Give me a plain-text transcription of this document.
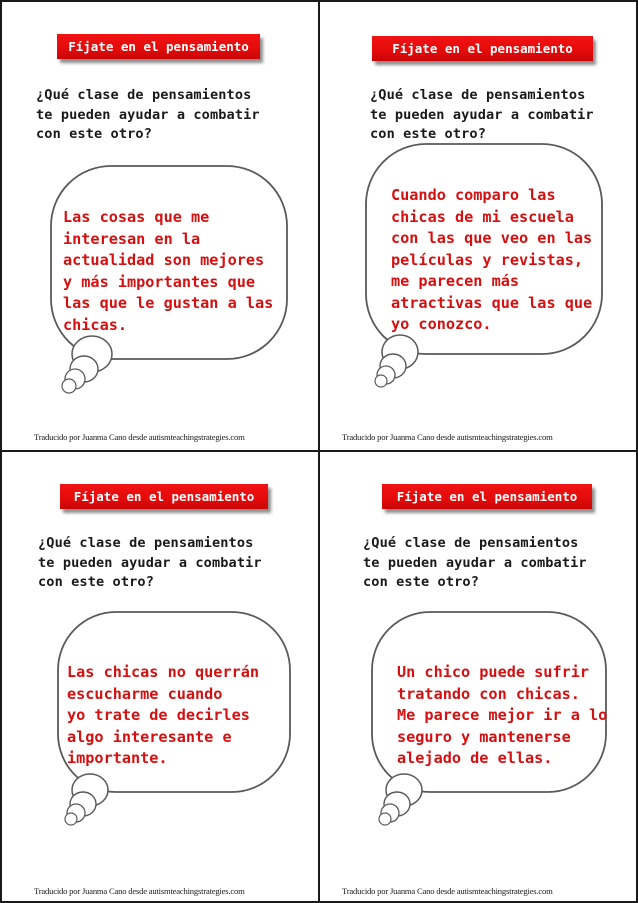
Fíjate en el pensamiento

¿Qué clase de pensamientos
te pueden ayudar a combatir
con este otro?

Las cosas que me
interesan en la
actualidad son mejores
y más importantes que
las que le gustan a las
chicas.

Traducido por Juanma Cano desde autismteachingstrategies.com

Fíjate en el pensamiento

¿Qué clase de pensamientos
te pueden ayudar a combatir
con este otro?

Cuando comparo las
chicas de mi escuela
con las que veo en las
películas y revistas,
me parecen más
atractivas que las que
yo conozco.

Traducido por Juanma Cano desde autismteachingstrategies.com

Fíjate en el pensamiento

¿Qué clase de pensamientos
te pueden ayudar a combatir
con este otro?

Las chicas no querrán
escucharme cuando
yo trate de decirles
algo interesante e
importante.

Traducido por Juanma Cano desde autismteachingstrategies.com

Fíjate en el pensamiento

¿Qué clase de pensamientos
te pueden ayudar a combatir
con este otro?

Un chico puede sufrir
tratando con chicas.
Me parece mejor ir a lo
seguro y mantenerse
alejado de ellas.

Traducido por Juanma Cano desde autismteachingstrategies.com
